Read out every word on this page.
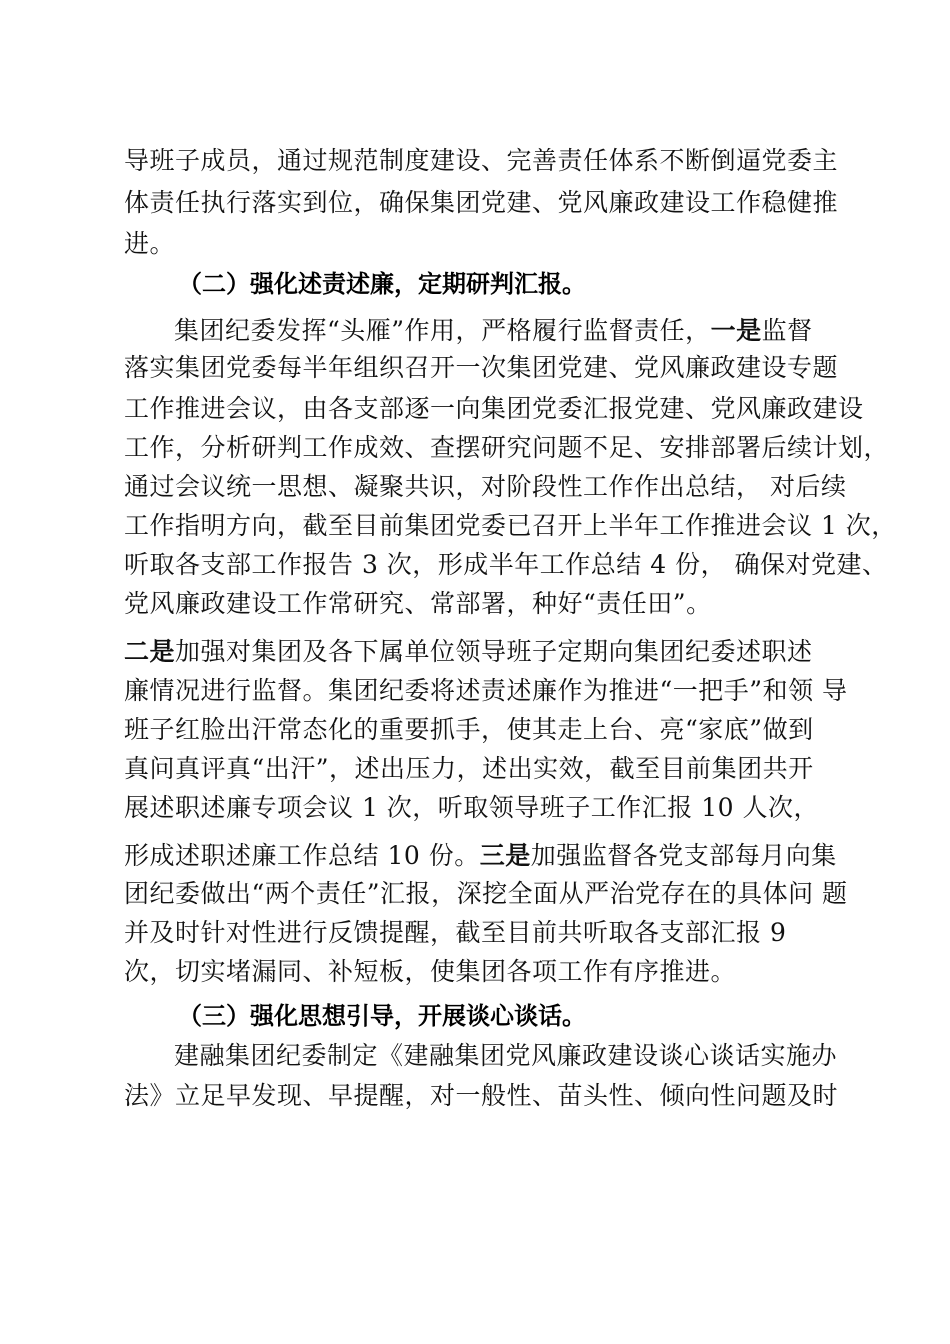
导班子成员，通过规范制度建设、完善责任体系不断倒逼党委主
体责任执行落实到位，确保集团党建、党风廉政建设工作稳健推
进。
（二）强化述责述廉，定期研判汇报。
集团纪委发挥“头雁”作用，严格履行监督责任，一是监督
落实集团党委每半年组织召开一次集团党建、党风廉政建设专题
工作推进会议，由各支部逐一向集团党委汇报党建、党风廉政建设
工作，分析研判工作成效、查摆研究问题不足、安排部署后续计划，
通过会议统一思想、凝聚共识，对阶段性工作作出总结， 对后续
工作指明方向，截至目前集团党委已召开上半年工作推进会议 1 次，
听取各支部工作报告 3 次，形成半年工作总结 4 份， 确保对党建、
党风廉政建设工作常研究、常部署，种好“责任田”。
二是加强对集团及各下属单位领导班子定期向集团纪委述职述
廉情况进行监督。集团纪委将述责述廉作为推进“一把手”和领 导
班子红脸出汗常态化的重要抓手，使其走上台、亮“家底”做到
真问真评真“出汗”，述出压力，述出实效，截至目前集团共开
展述职述廉专项会议 1 次，听取领导班子工作汇报 10 人次，
形成述职述廉工作总结 10 份。三是加强监督各党支部每月向集
团纪委做出“两个责任”汇报，深挖全面从严治党存在的具体问 题
并及时针对性进行反馈提醒，截至目前共听取各支部汇报 9
次，切实堵漏同、补短板，使集团各项工作有序推进。
（三）强化思想引导，开展谈心谈话。
建融集团纪委制定《建融集团党风廉政建设谈心谈话实施办
法》立足早发现、早提醒，对一般性、苗头性、倾向性问题及时
